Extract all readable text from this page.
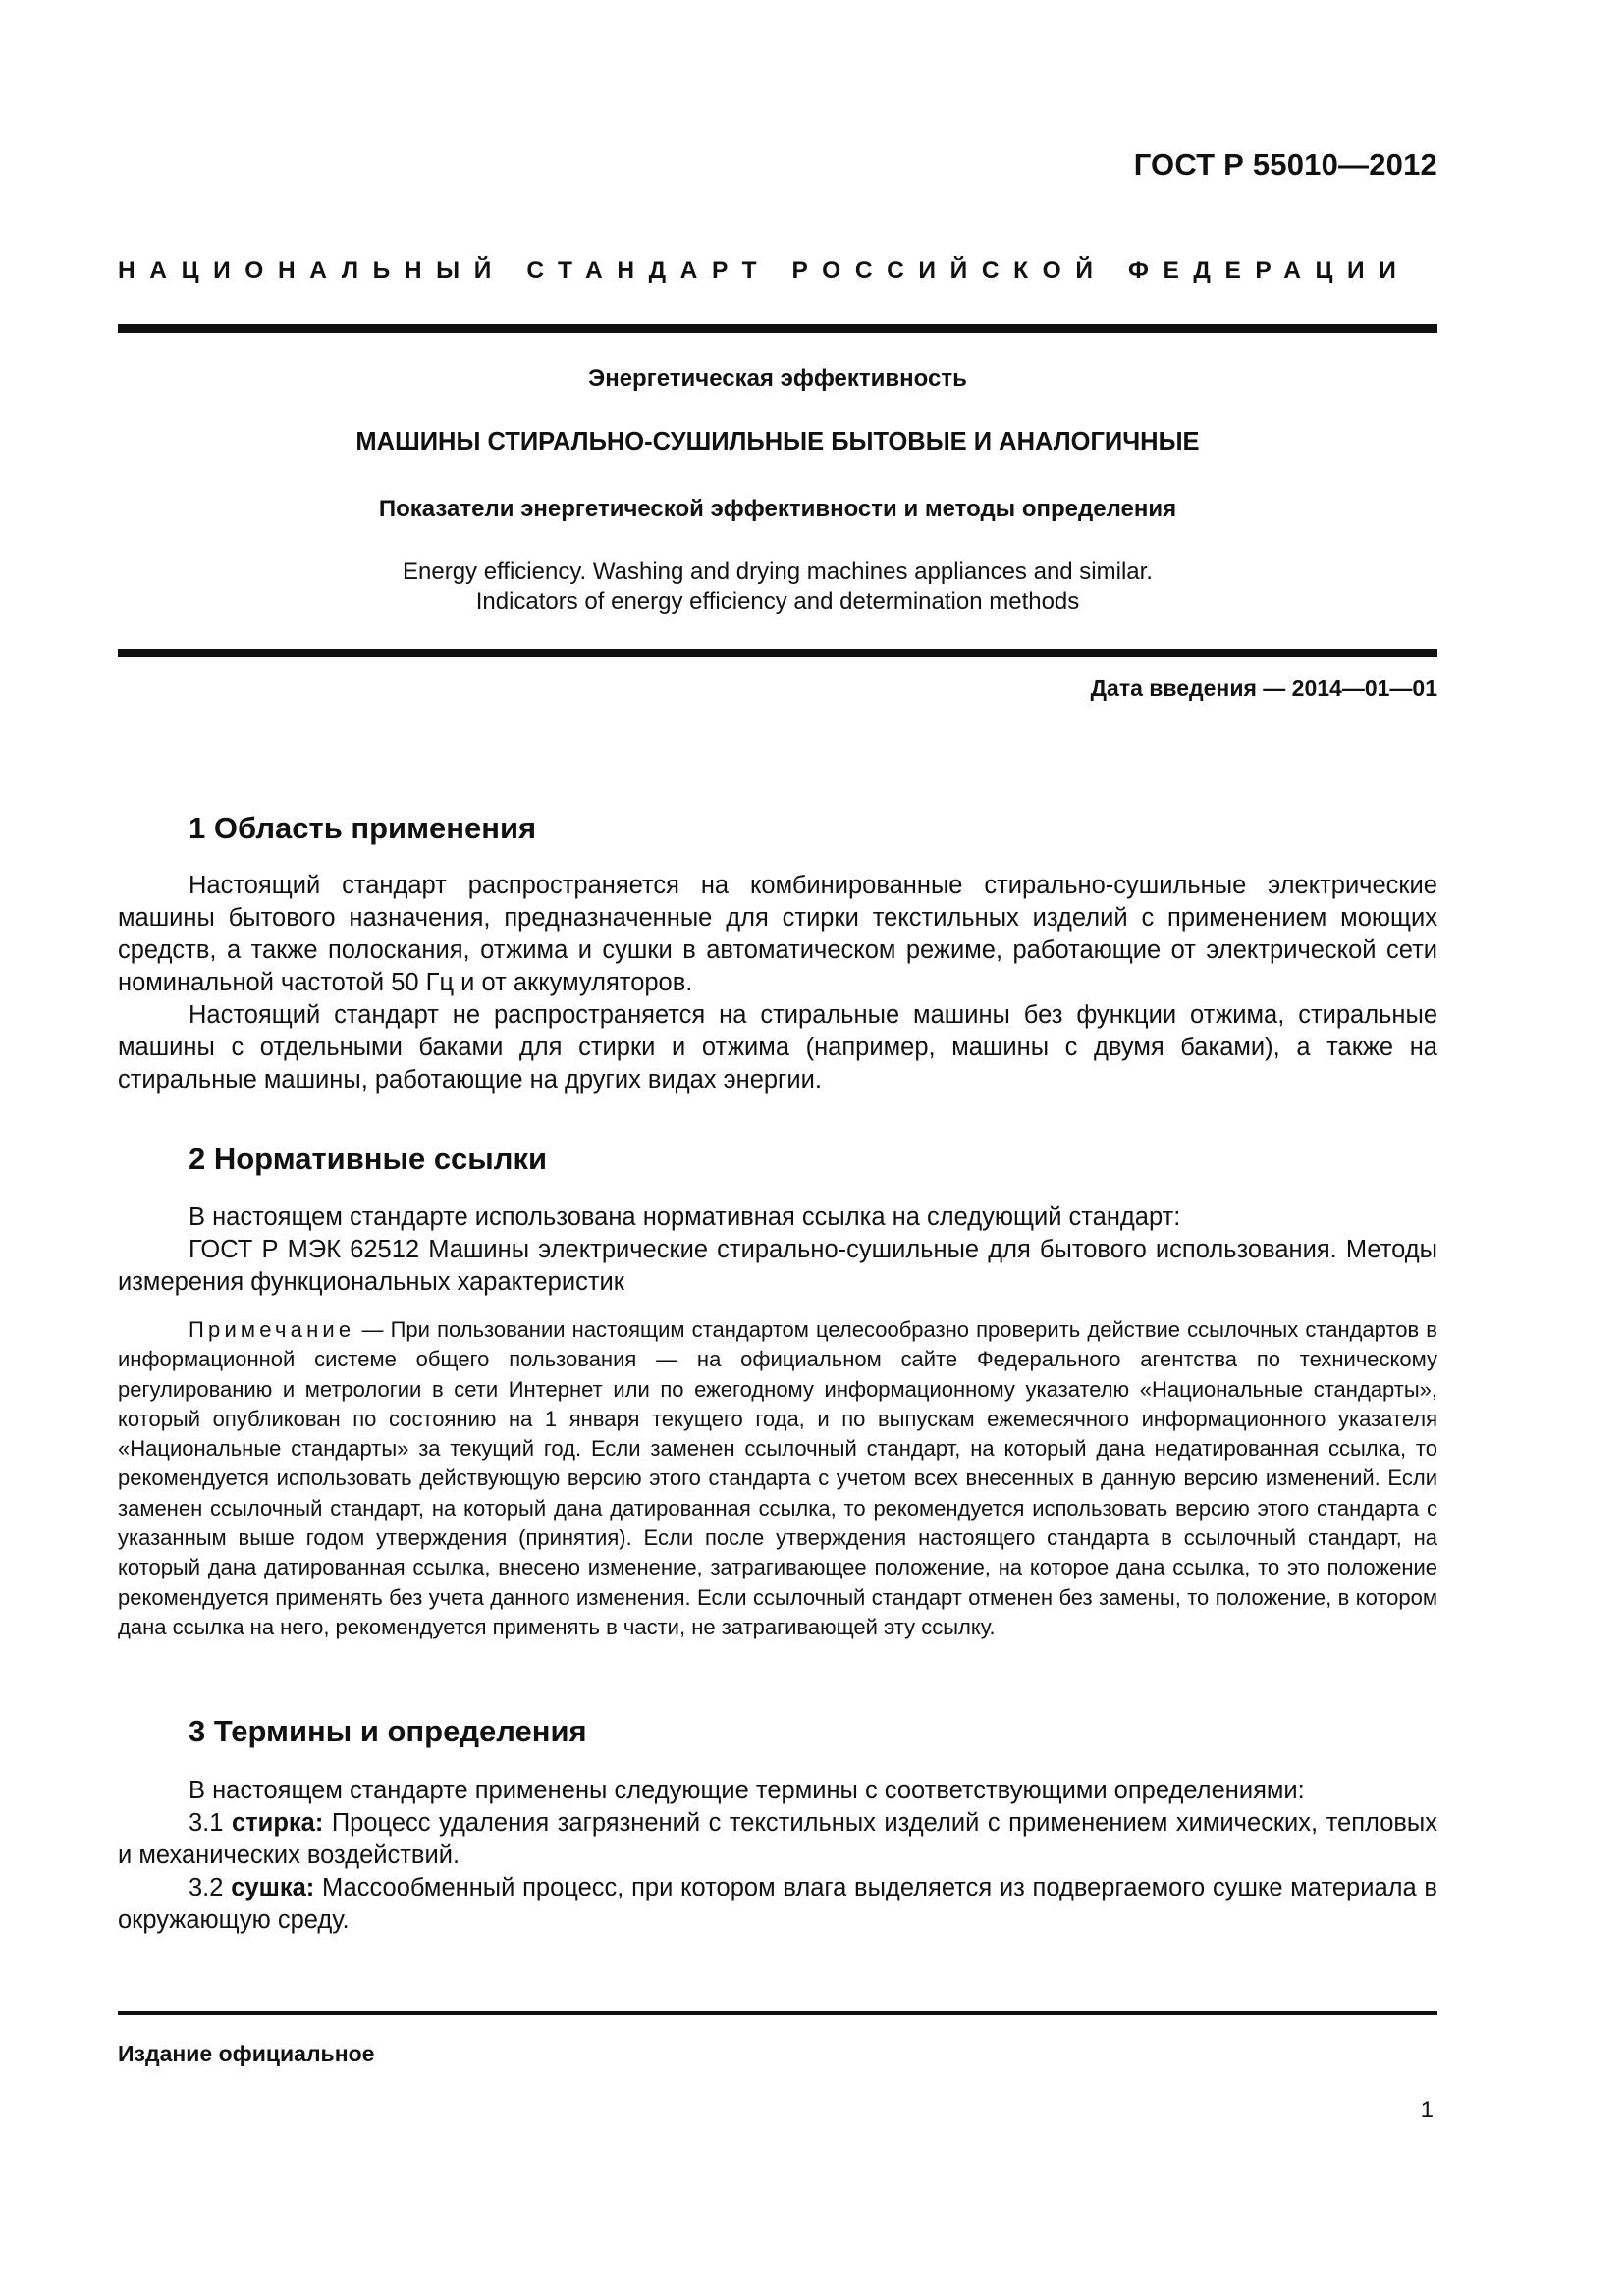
ГОСТ Р 55010—2012
НАЦИОНАЛЬНЫЙ СТАНДАРТ РОССИЙСКОЙ ФЕДЕРАЦИИ
Энергетическая эффективность
МАШИНЫ СТИРАЛЬНО-СУШИЛЬНЫЕ БЫТОВЫЕ И АНАЛОГИЧНЫЕ
Показатели энергетической эффективности и методы определения
Energy efficiency. Washing and drying machines appliances and similar.
Indicators of energy efficiency and determination methods
Дата введения — 2014—01—01
1 Область применения

Настоящий стандарт распространяется на комбинированные стирально-сушильные электрические машины бытового назначения, предназначенные для стирки текстильных изделий с применением моющих средств, а также полоскания, отжима и сушки в автоматическом режиме, работающие от электрической сети номинальной частотой 50 Гц и от аккумуляторов.

Настоящий стандарт не распространяется на стиральные машины без функции отжима, стиральные машины с отдельными баками для стирки и отжима (например, машины с двумя баками), а также на стиральные машины, работающие на других видах энергии.

2 Нормативные ссылки

В настоящем стандарте использована нормативная ссылка на следующий стандарт:

ГОСТ Р МЭК 62512 Машины электрические стирально-сушильные для бытового использования. Методы измерения функциональных характеристик

Примечание — При пользовании настоящим стандартом целесообразно проверить действие ссылочных стандартов в информационной системе общего пользования — на официальном сайте Федерального агентства по техническому регулированию и метрологии в сети Интернет или по ежегодному информационному указателю «Национальные стандарты», который опубликован по состоянию на 1 января текущего года, и по выпускам ежемесячного информационного указателя «Национальные стандарты» за текущий год. Если заменен ссылочный стандарт, на который дана недатированная ссылка, то рекомендуется использовать действующую версию этого стандарта с учетом всех внесенных в данную версию изменений. Если заменен ссылочный стандарт, на который дана датированная ссылка, то рекомендуется использовать версию этого стандарта с указанным выше годом утверждения (принятия). Если после утверждения настоящего стандарта в ссылочный стандарт, на который дана датированная ссылка, внесено изменение, затрагивающее положение, на которое дана ссылка, то это положение рекомендуется применять без учета данного изменения. Если ссылочный стандарт отменен без замены, то положение, в котором дана ссылка на него, рекомендуется применять в части, не затрагивающей эту ссылку.
3 Термины и определения

В настоящем стандарте применены следующие термины с соответствующими определениями:

3.1 стирка: Процесс удаления загрязнений с текстильных изделий с применением химических, тепловых и механических воздействий.

3.2 сушка: Массообменный процесс, при котором влага выделяется из подвергаемого сушке материала в окружающую среду.

Издание официальное
1
